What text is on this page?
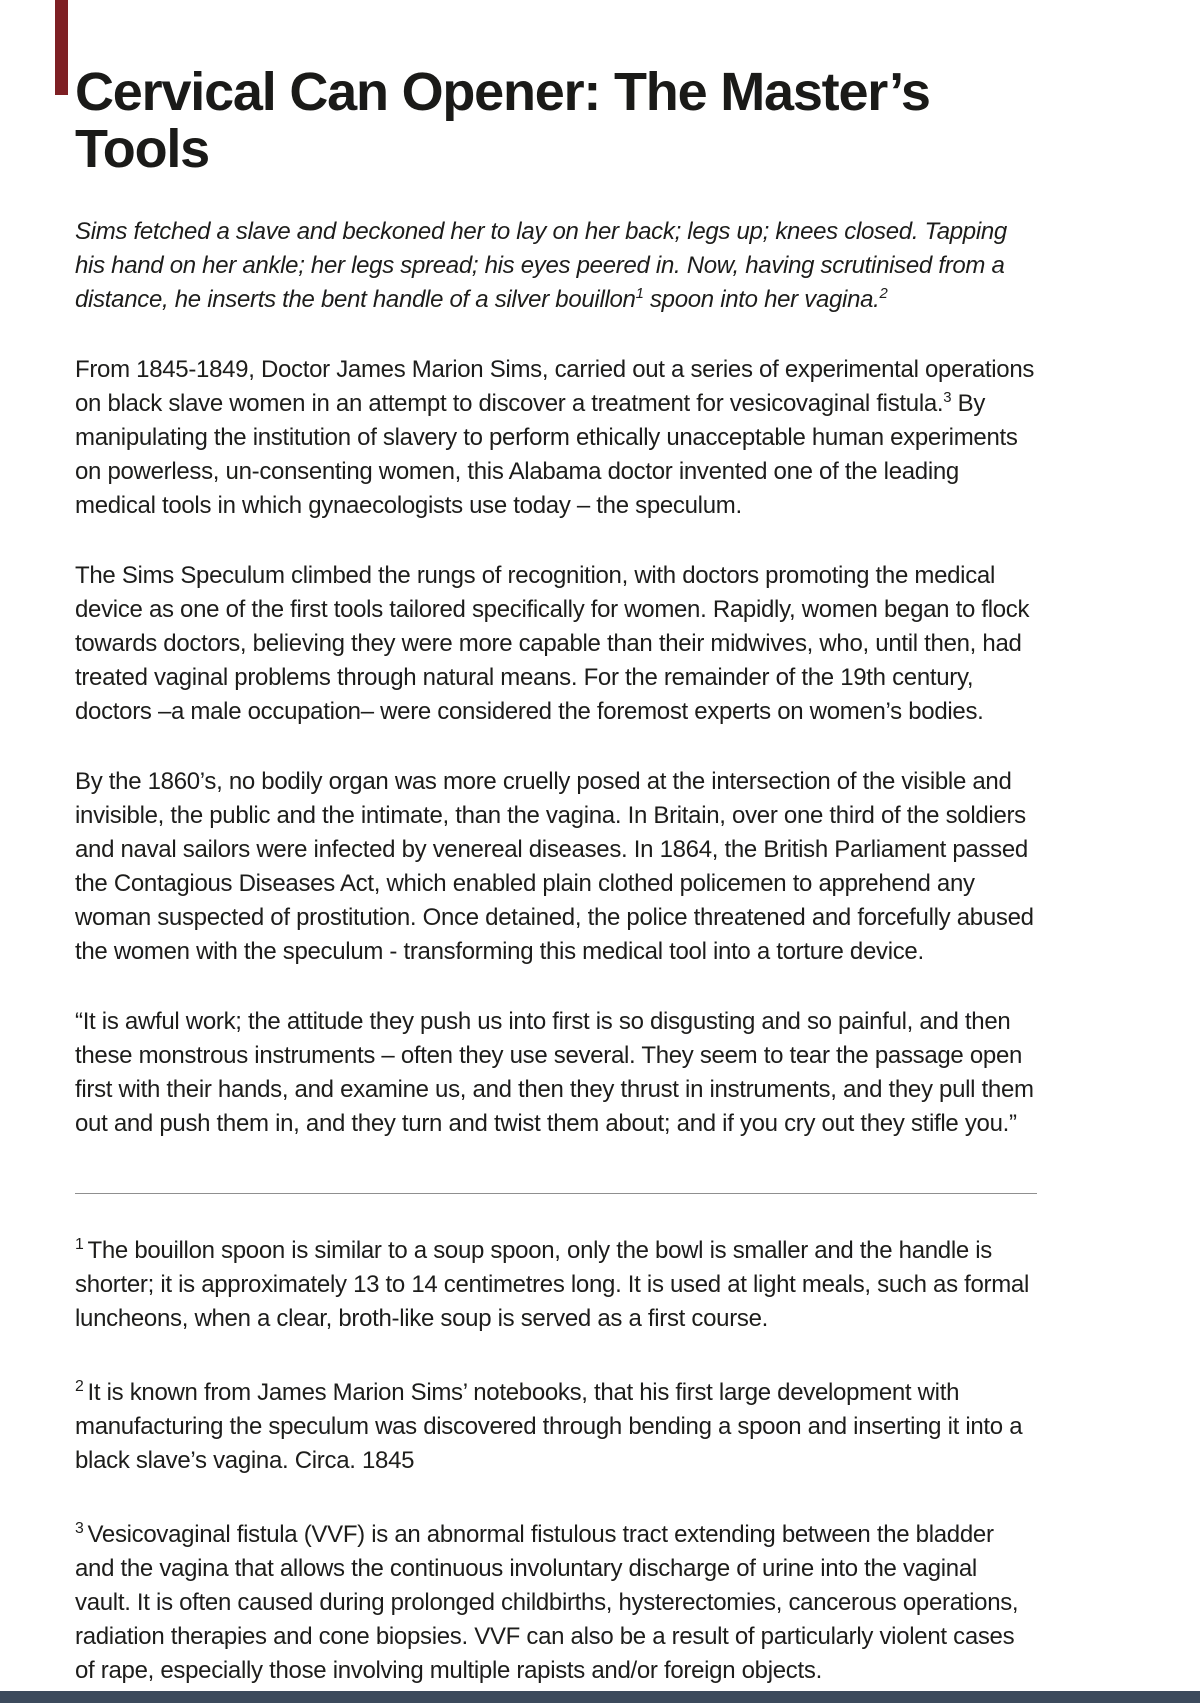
Cervical Can Opener: The Master’s Tools

Sims fetched a slave and beckoned her to lay on her back; legs up; knees closed. Tapping his hand on her ankle; her legs spread; his eyes peered in. Now, having scrutinised from a distance, he inserts the bent handle of a silver bouillon$^1$ spoon into her vagina.$^2$

From 1845-1849, Doctor James Marion Sims, carried out a series of experimental operations on black slave women in an attempt to discover a treatment for vesicovaginal fistula.$^3$ By manipulating the institution of slavery to perform ethically unacceptable human experiments on powerless, un-consenting women, this Alabama doctor invented one of the leading medical tools in which gynaecologists use today – the speculum.

The Sims Speculum climbed the rungs of recognition, with doctors promoting the medical device as one of the first tools tailored specifically for women. Rapidly, women began to flock towards doctors, believing they were more capable than their midwives, who, until then, had treated vaginal problems through natural means. For the remainder of the 19th century, doctors –a male occupation– were considered the foremost experts on women’s bodies.

By the 1860’s, no bodily organ was more cruelly posed at the intersection of the visible and invisible, the public and the intimate, than the vagina. In Britain, over one third of the soldiers and naval sailors were infected by venereal diseases. In 1864, the British Parliament passed the Contagious Diseases Act, which enabled plain clothed policemen to apprehend any woman suspected of prostitution. Once detained, the police threatened and forcefully abused the women with the speculum - transforming this medical tool into a torture device.

“It is awful work; the attitude they push us into first is so disgusting and so painful, and then these monstrous instruments – often they use several. They seem to tear the passage open first with their hands, and examine us, and then they thrust in instruments, and they pull them out and push them in, and they turn and twist them about; and if you cry out they stifle you.”

$^1$ The bouillon spoon is similar to a soup spoon, only the bowl is smaller and the handle is shorter; it is approximately 13 to 14 centimetres long. It is used at light meals, such as formal luncheons, when a clear, broth-like soup is served as a first course.
$^2$ It is known from James Marion Sims’ notebooks, that his first large development with manufacturing the speculum was discovered through bending a spoon and inserting it into a black slave’s vagina. Circa. 1845
$^3$ Vesicovaginal fistula (VVF) is an abnormal fistulous tract extending between the bladder and the vagina that allows the continuous involuntary discharge of urine into the vaginal vault. It is often caused during prolonged childbirths, hysterectomies, cancerous operations, radiation therapies and cone biopsies. VVF can also be a result of particularly violent cases of rape, especially those involving multiple rapists and/or foreign objects.
